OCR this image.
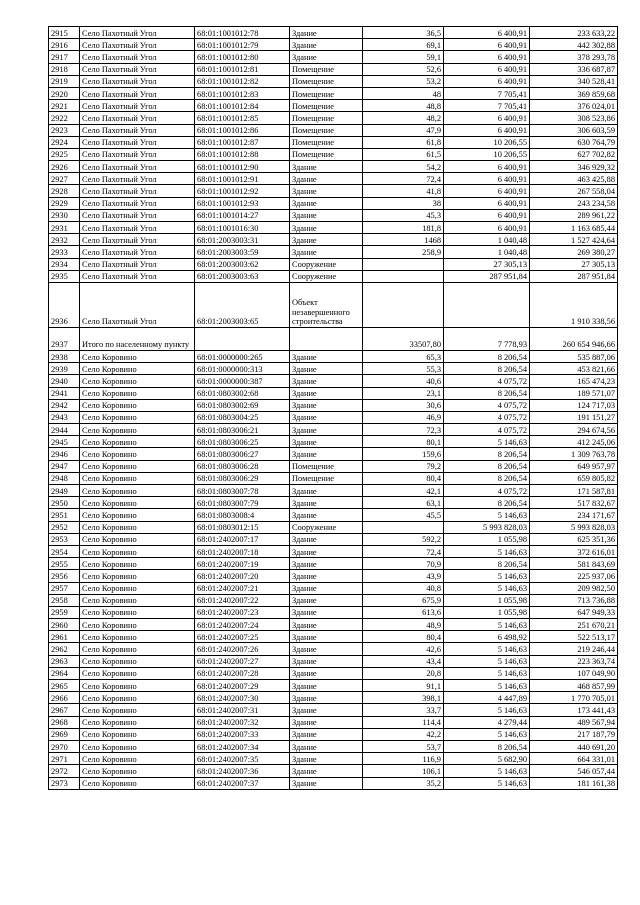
2915	Село Пахотный Угол	68:01:1001012:78	Здание	36,5	6 400,91	233 633,22
2916	Село Пахотный Угол	68:01:1001012:79	Здание	69,1	6 400,91	442 302,88
2917	Село Пахотный Угол	68:01:1001012:80	Здание	59,1	6 400,91	378 293,78
2918	Село Пахотный Угол	68:01:1001012:81	Помещение	52,6	6 400,91	336 687,87
2919	Село Пахотный Угол	68:01:1001012:82	Помещение	53,2	6 400,91	340 528,41
2920	Село Пахотный Угол	68:01:1001012:83	Помещение	48	7 705,41	369 859,68
2921	Село Пахотный Угол	68:01:1001012:84	Помещение	48,8	7 705,41	376 024,01
2922	Село Пахотный Угол	68:01:1001012:85	Помещение	48,2	6 400,91	308 523,86
2923	Село Пахотный Угол	68:01:1001012:86	Помещение	47,9	6 400,91	306 603,59
2924	Село Пахотный Угол	68:01:1001012:87	Помещение	61,8	10 206,55	630 764,79
2925	Село Пахотный Угол	68:01:1001012:88	Помещение	61,5	10 206,55	627 702,82
2926	Село Пахотный Угол	68:01:1001012:90	Здание	54,2	6 400,91	346 929,32
2927	Село Пахотный Угол	68:01:1001012:91	Здание	72,4	6 400,91	463 425,88
2928	Село Пахотный Угол	68:01:1001012:92	Здание	41,8	6 400,91	267 558,04
2929	Село Пахотный Угол	68:01:1001012:93	Здание	38	6 400,91	243 234,58
2930	Село Пахотный Угол	68:01:1001014:27	Здание	45,3	6 400,91	289 961,22
2931	Село Пахотный Угол	68:01:1001016:30	Здание	181,8	6 400,91	1 163 685,44
2932	Село Пахотный Угол	68:01:2003003:31	Здание	1468	1 040,48	1 527 424,64
2933	Село Пахотный Угол	68:01:2003003:59	Здание	258,9	1 040,48	269 380,27
2934	Село Пахотный Угол	68:01:2003003:62	Сооружение		27 305,13	27 305,13
2935	Село Пахотный Угол	68:01:2003003:63	Сооружение		287 951,84	287 951,84
2936	Село Пахотный Угол	68:01:2003003:65	Объект незавершенного строительства			1 910 338,56
2937	Итого по населенному пункту			33507,80	7 778,93	260 654 946,66
2938	Село Коровино	68:01:0000000:265	Здание	65,3	8 206,54	535 887,06
2939	Село Коровино	68:01:0000000:313	Здание	55,3	8 206,54	453 821,66
2940	Село Коровино	68:01:0000000:387	Здание	40,6	4 075,72	165 474,23
2941	Село Коровино	68:01:0803002:68	Здание	23,1	8 206,54	189 571,07
2942	Село Коровино	68:01:0803002:69	Здание	30,6	4 075,72	124 717,03
2943	Село Коровино	68:01:0803004:25	Здание	46,9	4 075,72	191 151,27
2944	Село Коровино	68:01:0803006:21	Здание	72,3	4 075,72	294 674,56
2945	Село Коровино	68:01:0803006:25	Здание	80,1	5 146,63	412 245,06
2946	Село Коровино	68:01:0803006:27	Здание	159,6	8 206,54	1 309 763,78
2947	Село Коровино	68:01:0803006:28	Помещение	79,2	8 206,54	649 957,97
2948	Село Коровино	68:01:0803006:29	Помещение	80,4	8 206,54	659 805,82
2949	Село Коровино	68:01:0803007:78	Здание	42,1	4 075,72	171 587,81
2950	Село Коровино	68:01:0803007:79	Здание	63,1	8 206,54	517 832,67
2951	Село Коровино	68:01:0803008:4	Здание	45,5	5 146,63	234 171,67
2952	Село Коровино	68:01:0803012:15	Сооружение		5 993 828,03	5 993 828,03
2953	Село Коровино	68:01:2402007:17	Здание	592,2	1 055,98	625 351,36
2954	Село Коровино	68:01:2402007:18	Здание	72,4	5 146,63	372 616,01
2955	Село Коровино	68:01:2402007:19	Здание	70,9	8 206,54	581 843,69
2956	Село Коровино	68:01:2402007:20	Здание	43,9	5 146,63	225 937,06
2957	Село Коровино	68:01:2402007:21	Здание	40,8	5 146,63	209 982,50
2958	Село Коровино	68:01:2402007:22	Здание	675,9	1 055,98	713 736,88
2959	Село Коровино	68:01:2402007:23	Здание	613,6	1 055,98	647 949,33
2960	Село Коровино	68:01:2402007:24	Здание	48,9	5 146,63	251 670,21
2961	Село Коровино	68:01:2402007:25	Здание	80,4	6 498,92	522 513,17
2962	Село Коровино	68:01:2402007:26	Здание	42,6	5 146,63	219 246,44
2963	Село Коровино	68:01:2402007:27	Здание	43,4	5 146,63	223 363,74
2964	Село Коровино	68:01:2402007:28	Здание	20,8	5 146,63	107 049,90
2965	Село Коровино	68:01:2402007:29	Здание	91,1	5 146,63	468 857,99
2966	Село Коровино	68:01:2402007:30	Здание	398,1	4 447,89	1 770 705,01
2967	Село Коровино	68:01:2402007:31	Здание	33,7	5 146,63	173 441,43
2968	Село Коровино	68:01:2402007:32	Здание	114,4	4 279,44	489 567,94
2969	Село Коровино	68:01:2402007:33	Здание	42,2	5 146,63	217 187,79
2970	Село Коровино	68:01:2402007:34	Здание	53,7	8 206,54	440 691,20
2971	Село Коровино	68:01:2402007:35	Здание	116,9	5 682,90	664 331,01
2972	Село Коровино	68:01:2402007:36	Здание	106,1	5 146,63	546 057,44
2973	Село Коровино	68:01:2402007:37	Здание	35,2	5 146,63	181 161,38
